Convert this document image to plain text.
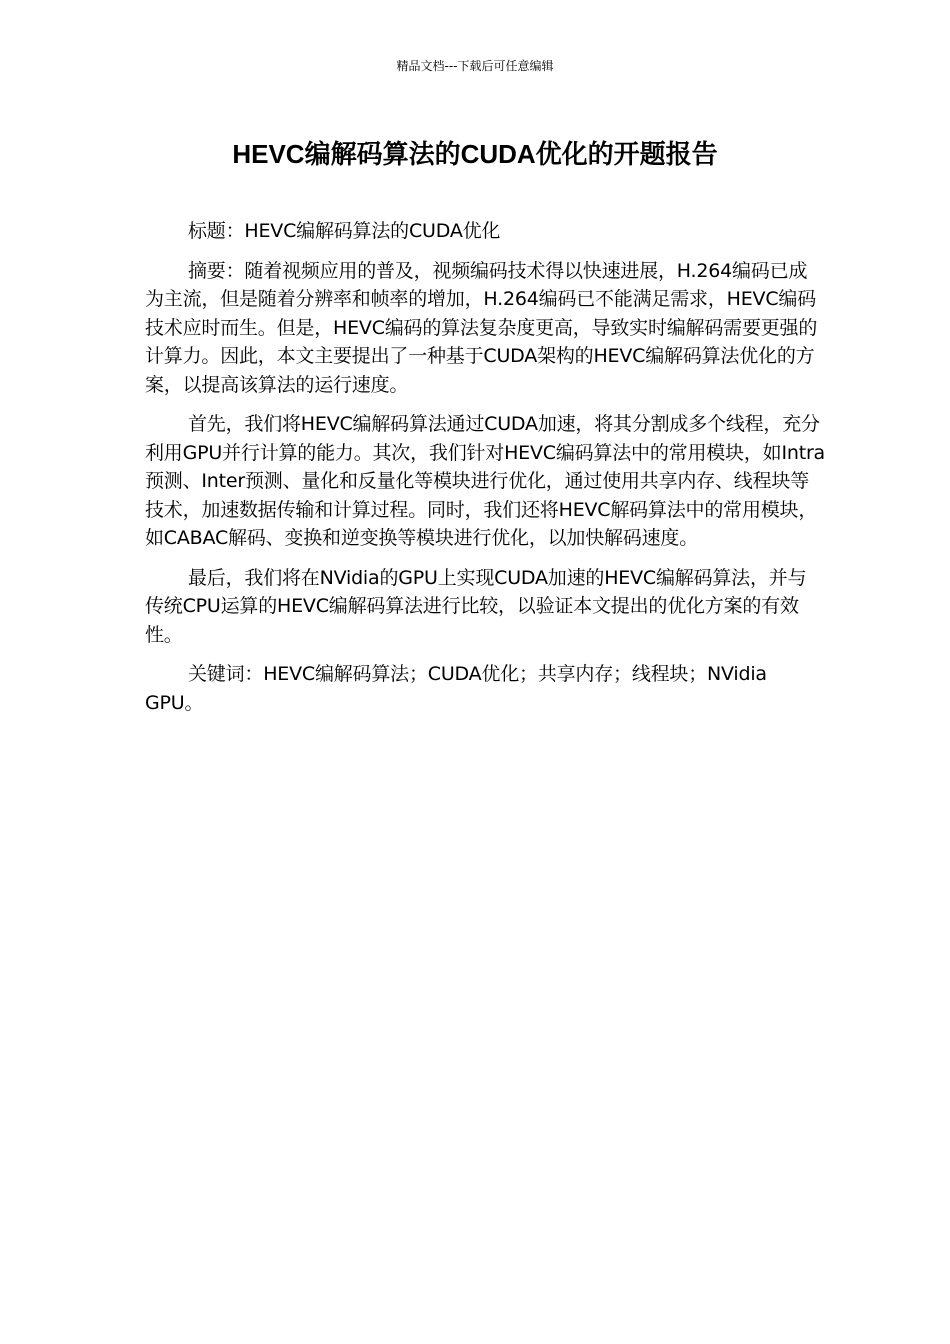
精品文档---下载后可任意编辑
HEVC编解码算法的CUDA优化的开题报告

标题：HEVC编解码算法的CUDA优化

摘要：随着视频应用的普及，视频编码技术得以快速进展，H.264编码已成为主流，但是随着分辨率和帧率的增加，H.264编码已不能满足需求，HEVC编码技术应时而生。但是，HEVC编码的算法复杂度更高，导致实时编解码需要更强的计算力。因此，本文主要提出了一种基于CUDA架构的HEVC编解码算法优化的方案，以提高该算法的运行速度。

首先，我们将HEVC编解码算法通过CUDA加速，将其分割成多个线程，充分利用GPU并行计算的能力。其次，我们针对HEVC编码算法中的常用模块，如Intra预测、Inter预测、量化和反量化等模块进行优化，通过使用共享内存、线程块等技术，加速数据传输和计算过程。同时，我们还将HEVC解码算法中的常用模块，如CABAC解码、变换和逆变换等模块进行优化，以加快解码速度。

最后，我们将在NVidia的GPU上实现CUDA加速的HEVC编解码算法，并与传统CPU运算的HEVC编解码算法进行比较，以验证本文提出的优化方案的有效性。

关键词：HEVC编解码算法；CUDA优化；共享内存；线程块；NVidia GPU。
